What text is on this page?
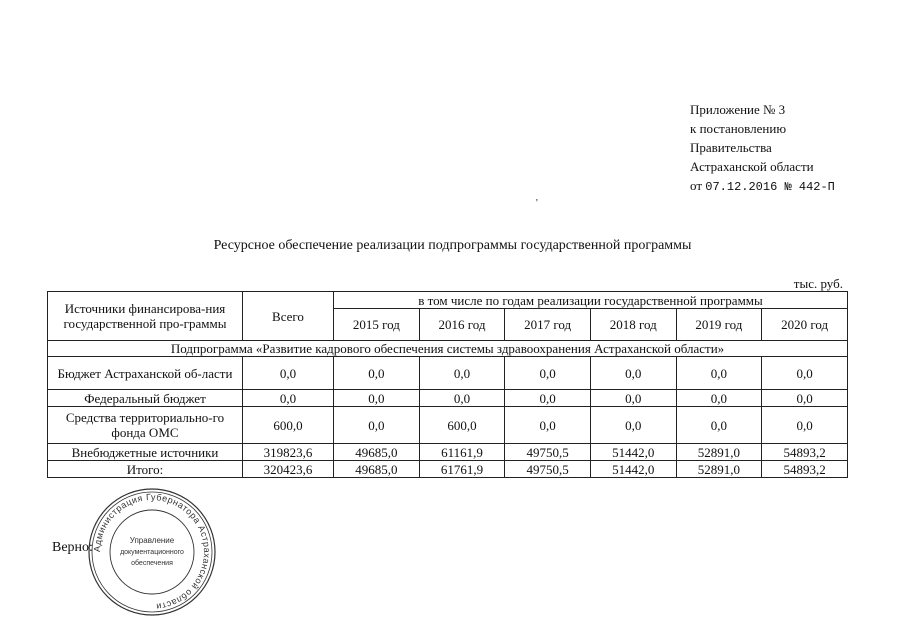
Приложение № 3
к постановлению
Правительства
Астраханской области
от 07.12.2016 № 442-П
'
Ресурсное обеспечение реализации подпрограммы государственной программы
тыс. руб.
Источники финансирова-ния государственной про-граммы	Всего	в том числе по годам реализации государственной программы					
		2015 год	2016 год	2017 год	2018 год	2019 год	2020 год
Подпрограмма «Развитие кадрового обеспечения системы здравоохранения Астраханской области»							
Бюджет Астраханской об-ласти	0,0	0,0	0,0	0,0	0,0	0,0	0,0
Федеральный бюджет	0,0	0,0	0,0	0,0	0,0	0,0	0,0
Средства территориально-го фонда ОМС	600,0	0,0	600,0	0,0	0,0	0,0	0,0
Внебюджетные источники	319823,6	49685,0	61161,9	49750,5	51442,0	52891,0	54893,2
Итого:	320423,6	49685,0	61761,9	49750,5	51442,0	52891,0	54893,2
Верно:
Администрация Губернатора Астраханской области
Управление
документационного
обеспечения
